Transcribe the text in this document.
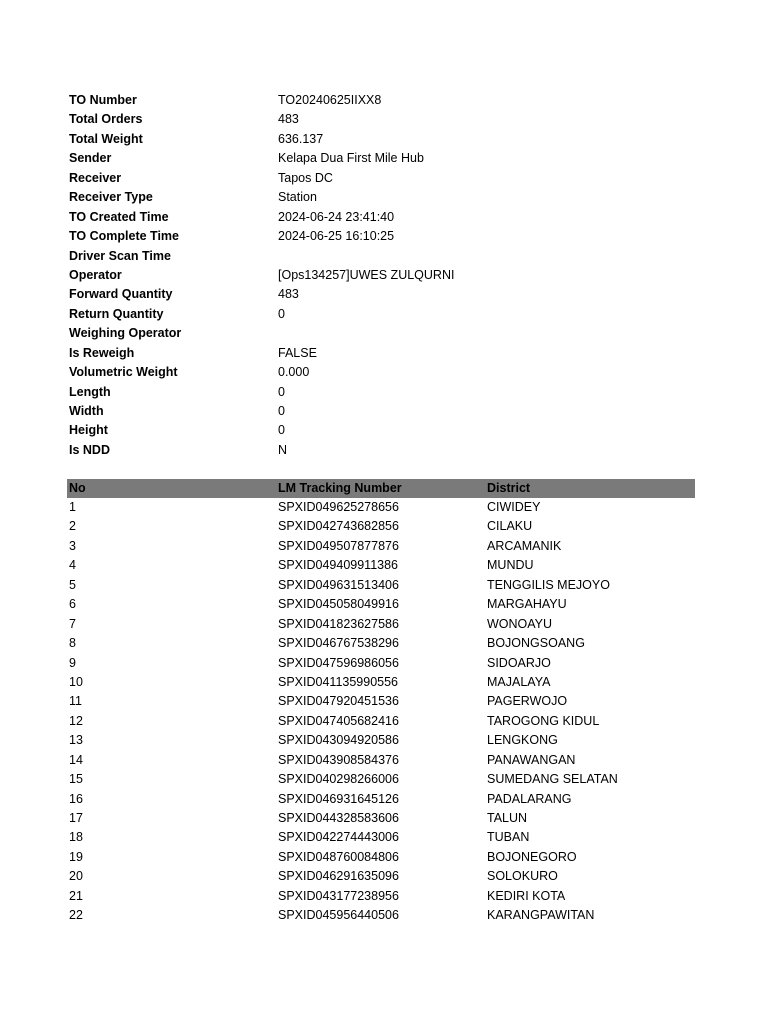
TO Number	TO20240625IIXX8
Total Orders	483
Total Weight	636.137
Sender	Kelapa Dua First Mile Hub
Receiver	Tapos DC
Receiver Type	Station
TO Created Time	2024-06-24 23:41:40
TO Complete Time	2024-06-25 16:10:25
Driver Scan Time
Operator	[Ops134257]UWES ZULQURNI
Forward Quantity	483
Return Quantity	0
Weighing Operator
Is Reweigh	FALSE
Volumetric Weight	0.000
Length	0
Width	0
Height	0
Is NDD	N
No	LM Tracking Number	District
1	SPXID049625278656	CIWIDEY
2	SPXID042743682856	CILAKU
3	SPXID049507877876	ARCAMANIK
4	SPXID049409911386	MUNDU
5	SPXID049631513406	TENGGILIS MEJOYO
6	SPXID045058049916	MARGAHAYU
7	SPXID041823627586	WONOAYU
8	SPXID046767538296	BOJONGSOANG
9	SPXID047596986056	SIDOARJO
10	SPXID041135990556	MAJALAYA
11	SPXID047920451536	PAGERWOJO
12	SPXID047405682416	TAROGONG KIDUL
13	SPXID043094920586	LENGKONG
14	SPXID043908584376	PANAWANGAN
15	SPXID040298266006	SUMEDANG SELATAN
16	SPXID046931645126	PADALARANG
17	SPXID044328583606	TALUN
18	SPXID042274443006	TUBAN
19	SPXID048760084806	BOJONEGORO
20	SPXID046291635096	SOLOKURO
21	SPXID043177238956	KEDIRI KOTA
22	SPXID045956440506	KARANGPAWITAN
